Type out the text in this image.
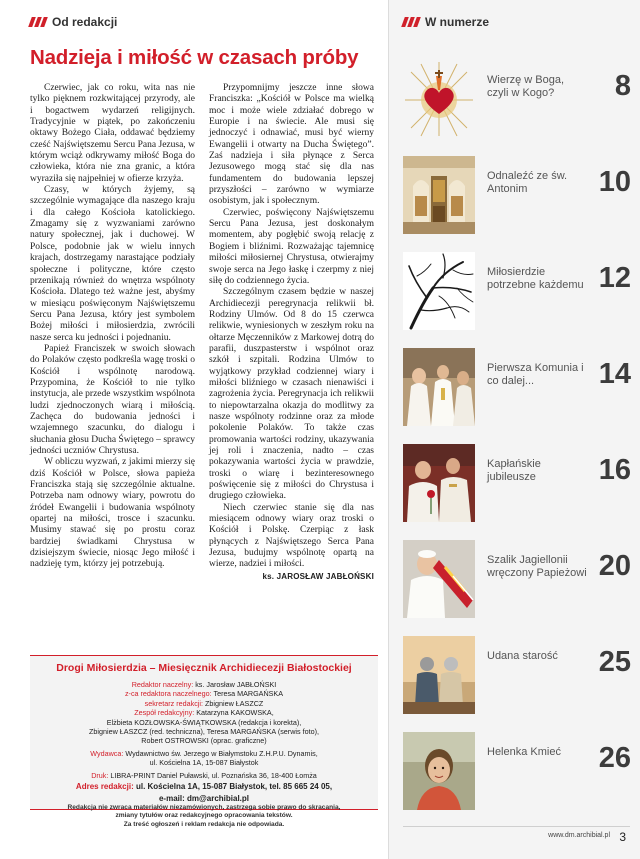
Od redakcji
Nadzieja i miłość w czasach próby

Czerwiec, jak co roku, wita nas nie tylko pięknem rozkwitającej przyrody, ale i bogactwem wydarzeń religijnych. Tradycyjnie w piątek, po zakończeniu oktawy Bożego Ciała, oddawać będziemy cześć Najświętszemu Sercu Pana Jezusa, w którym wciąż odkrywamy miłość Boga do człowieka, która nie zna granic, a która wyraziła się najpełniej w ofierze krzyża.

Czasy, w których żyjemy, są szczególnie wymagające dla naszego kraju i dla całego Kościoła katolickiego. Zmagamy się z wyzwaniami zarówno natury społecznej, jak i duchowej. W Polsce, podobnie jak w wielu innych krajach, dostrzegamy narastające podziały społeczne i polityczne, które często przenikają również do wnętrza wspólnoty Kościoła. Dlatego też ważne jest, abyśmy w miesiącu poświęconym Najświętszemu Sercu Pana Jezusa, który jest symbolem Bożej miłości i miłosierdzia, zwrócili nasze serca ku jedności i pojednaniu.

Papież Franciszek w swoich słowach do Polaków często podkreśla wagę troski o Kościół i wspólnotę narodową. Przypomina, że Kościół to nie tylko instytucja, ale przede wszystkim wspólnota ludzi zjednoczonych wiarą i miłością. Zachęca do budowania jedności i wzajemnego szacunku, do dialogu i słuchania głosu Ducha Świętego – sprawcy jedności uczniów Chrystusa.

W obliczu wyzwań, z jakimi mierzy się dziś Kościół w Polsce, słowa papieża Franciszka stają się szczególnie aktualne. Potrzeba nam odnowy wiary, powrotu do źródeł Ewangelii i budowania wspólnoty opartej na miłości, trosce i szacunku. Musimy stawać się po prostu coraz bardziej świadkami Chrystusa w dzisiejszym świecie, niosąc Jego miłość i nadzieję tym, którzy jej potrzebują.

Przypomnijmy jeszcze inne słowa Franciszka: „Kościół w Polsce ma wielką moc i może wiele zdziałać dobrego w Europie i na świecie. Ale musi się jednoczyć i odnawiać, musi być wierny Ewangelii i otwarty na Ducha Świętego”. Zaś nadzieja i siła płynące z Serca Jezusowego mogą stać się dla nas fundamentem do budowania lepszej przyszłości – zarówno w wymiarze osobistym, jak i społecznym.

Czerwiec, poświęcony Najświętszemu Sercu Pana Jezusa, jest doskonałym momentem, aby pogłębić swoją relację z Bogiem i bliźnimi. Rozważając tajemnicę miłości miłosiernej Chrystusa, otwierajmy swoje serca na Jego łaskę i czerpmy z niej siłę do codziennego życia.

Szczególnym czasem będzie w naszej Archidiecezji peregrynacja relikwii bł. Rodziny Ulmów. Od 8 do 15 czerwca relikwie, wyniesionych w zeszłym roku na ołtarze Męczenników z Markowej dotrą do parafii, duszpasterstw i wspólnot oraz szkół i szpitali. Rodzina Ulmów to wyjątkowy przykład codziennej wiary i miłości bliźniego w czasach nienawiści i zagrożenia życia. Peregrynacja ich relikwii to niepowtarzalna okazja do modlitwy za nasze wspólnoty rodzinne oraz za młode pokolenie Polaków. To także czas promowania wartości rodziny, ukazywania jej roli i znaczenia, nadto – czas pokazywania wartości życia w prawdzie, troski o wiarę i bezinteresownego poświęcenie się z miłości do Chrystusa i drugiego człowieka.

Niech czerwiec stanie się dla nas miesiącem odnowy wiary oraz troski o Kościół i Polskę. Czerpiąc z łask płynących z Najświętszego Serca Pana Jezusa, budujmy wspólnotę opartą na wierze, nadziei i miłości.

ks. JAROSŁAW JABŁOŃSKI

Drogi Miłosierdzia – Miesięcznik Archidiecezji Białostockiej
Redaktor naczelny: ks. Jarosław JABŁOŃSKI
z-ca redaktora naczelnego: Teresa MARGAŃSKA
sekretarz redakcji: Zbigniew ŁASZCZ
Zespół redakcyjny: Katarzyna KAKOWSKA,
Elżbieta KOZŁOWSKA-ŚWIĄTKOWSKA (redakcja i korekta),
Zbigniew ŁASZCZ (red. techniczna), Teresa MARGAŃSKA (serwis foto),
Robert OSTROWSKI (oprac. graficzne)
Wydawca: Wydawnictwo św. Jerzego w Białymstoku Z.H.P.U. Dynamis,
ul. Kościelna 1A, 15-087 Białystok
Druk: LIBRA-PRINT Daniel Puławski, ul. Poznańska 36, 18-400 Łomża
Adres redakcji: ul. Kościelna 1A, 15-087 Białystok, tel. 85 665 24 05,
e-mail: dm@archibial.pl
Redakcja nie zwraca materiałów niezamówionych, zastrzega sobie prawo do skracania,
zmiany tytułów oraz redakcyjnego opracowania tekstów.
Za treść ogłoszeń i reklam redakcja nie odpowiada.
W numerze
Wierzę w Boga, czyli w Kogo?	8
Odnaleźć ze św. Antonim	10
Miłosierdzie potrzebne każdemu 12
Pierwsza Komunia i co dalej...	14
Kapłańskie jubileusze	16
Szalik Jagiellonii wręczony Papieżowi 20
Udana starość	25
Helenka Kmieć	26
www.dm.archibial.pl 3
